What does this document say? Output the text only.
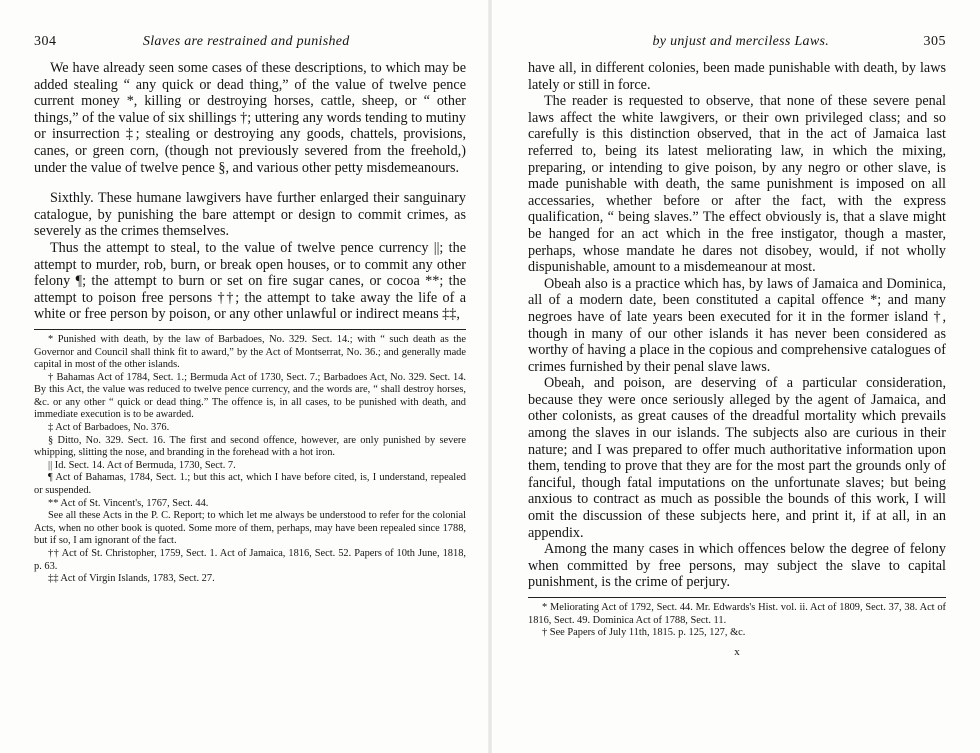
304	Slaves are restrained and punished

We have already seen some cases of these descriptions, to which may be added stealing “ any quick or dead thing,” of the value of twelve pence current money *, killing or destroying horses, cattle, sheep, or “ other things,” of the value of six shillings †; uttering any words tending to mutiny or insurrection ‡; stealing or destroying any goods, chattels, provisions, canes, or green corn, (though not previously severed from the freehold,) under the value of twelve pence §, and various other petty misdemeanours.

Sixthly. These humane lawgivers have further enlarged their sanguinary catalogue, by punishing the bare attempt or design to commit crimes, as severely as the crimes themselves.

Thus the attempt to steal, to the value of twelve pence currency ||; the attempt to murder, rob, burn, or break open houses, or to commit any other felony ¶; the attempt to burn or set on fire sugar canes, or cocoa **; the attempt to poison free persons ††; the attempt to take away the life of a white or free person by poison, or any other unlawful or indirect means ‡‡,

* Punished with death, by the law of Barbadoes, No. 329. Sect. 14.; with “ such death as the Governor and Council shall think fit to award,” by the Act of Montserrat, No. 36.; and generally made capital in most of the other islands.

† Bahamas Act of 1784, Sect. 1.; Bermuda Act of 1730, Sect. 7.; Barbadoes Act, No. 329. Sect. 14. By this Act, the value was reduced to twelve pence currency, and the words are, “ shall destroy horses, &c. or any other “ quick or dead thing.” The offence is, in all cases, to be punished with death, and immediate execution is to be awarded.

‡ Act of Barbadoes, No. 376.

§ Ditto, No. 329. Sect. 16. The first and second offence, however, are only punished by severe whipping, slitting the nose, and branding in the forehead with a hot iron.

|| Id. Sect. 14. Act of Bermuda, 1730, Sect. 7.

¶ Act of Bahamas, 1784, Sect. 1.; but this act, which I have before cited, is, I understand, repealed or suspended.

** Act of St. Vincent's, 1767, Sect. 44.

See all these Acts in the P. C. Report; to which let me always be understood to refer for the colonial Acts, when no other book is quoted. Some more of them, perhaps, may have been repealed since 1788, but if so, I am ignorant of the fact.

†† Act of St. Christopher, 1759, Sect. 1. Act of Jamaica, 1816, Sect. 52. Papers of 10th June, 1818, p. 63.

‡‡ Act of Virgin Islands, 1783, Sect. 27.

by unjust and merciless Laws.	305

have all, in different colonies, been made punishable with death, by laws lately or still in force.

The reader is requested to observe, that none of these severe penal laws affect the white lawgivers, or their own privileged class; and so carefully is this distinction observed, that in the act of Jamaica last referred to, being its latest meliorating law, in which the mixing, preparing, or intending to give poison, by any negro or other slave, is made punishable with death, the same punishment is imposed on all accessaries, whether before or after the fact, with the express qualification, “ being slaves.” The effect obviously is, that a slave might be hanged for an act which in the free instigator, though a master, perhaps, whose mandate he dares not disobey, would, if not wholly dispunishable, amount to a misdemeanour at most.

Obeah also is a practice which has, by laws of Jamaica and Dominica, all of a modern date, been constituted a capital offence *; and many negroes have of late years been executed for it in the former island †, though in many of our other islands it has never been considered as worthy of having a place in the copious and comprehensive catalogues of crimes furnished by their penal slave laws.

Obeah, and poison, are deserving of a particular consideration, because they were once seriously alleged by the agent of Jamaica, and other colonists, as great causes of the dreadful mortality which prevails among the slaves in our islands. The subjects also are curious in their nature; and I was prepared to offer much authoritative information upon them, tending to prove that they are for the most part the grounds only of fanciful, though fatal imputations on the unfortunate slaves; but being anxious to contract as much as possible the bounds of this work, I will omit the discussion of these subjects here, and print it, if at all, in an appendix.

Among the many cases in which offences below the degree of felony when committed by free persons, may subject the slave to capital punishment, is the crime of perjury.

* Meliorating Act of 1792, Sect. 44. Mr. Edwards's Hist. vol. ii. Act of 1809, Sect. 37, 38. Act of 1816, Sect. 49. Dominica Act of 1788, Sect. 11.

† See Papers of July 11th, 1815. p. 125, 127, &c.

x
